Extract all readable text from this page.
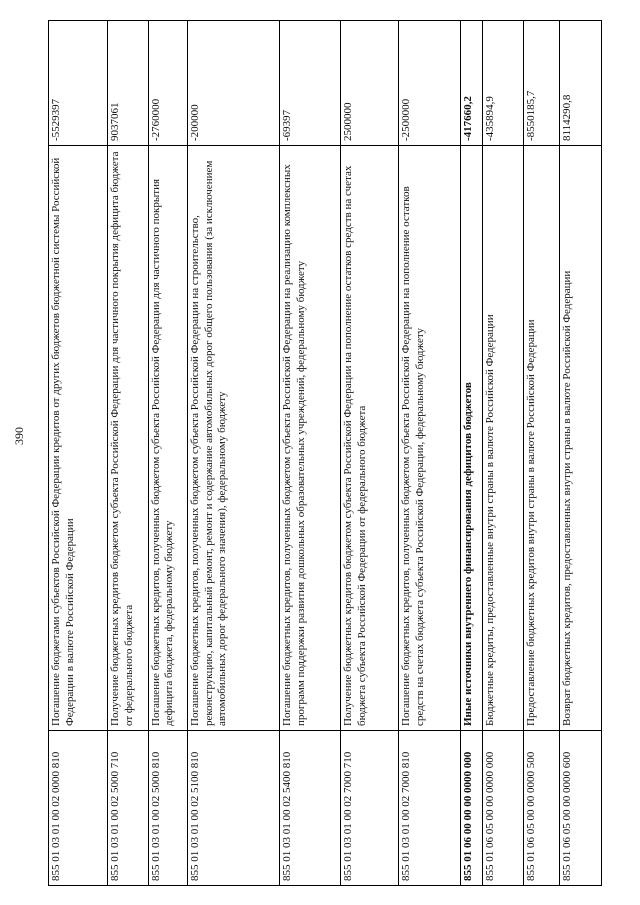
390
855 01 03 01 00 02 0000 810	Погашение бюджетами субъектов Российской Федерации кредитов от других бюджетов бюджетной системы Российской Федерации в валюте Российской Федерации	-5529397
855 01 03 01 00 02 5000 710	Получение бюджетных кредитов бюджетом субъекта Российской Федерации для частичного покрытия дефицита бюджета от федерального бюджета	9037061
855 01 03 01 00 02 5000 810	Погашение бюджетных кредитов, полученных бюджетом субъекта Российской Федерации для частичного покрытия дефицита бюджета, федеральному бюджету	-2760000
855 01 03 01 00 02 5100 810	Погашение бюджетных кредитов, полученных бюджетом субъекта Российской Федерации на строительство, реконструкцию, капитальный ремонт, ремонт и содержание автомобильных дорог общего пользования (за исключением автомобильных дорог федерального значения), федеральному бюджету	-200000
855 01 03 01 00 02 5400 810	Погашение бюджетных кредитов, полученных бюджетом субъекта Российской Федерации на реализацию комплексных программ поддержки развития дошкольных образовательных учреждений, федеральному бюджету	-69397
855 01 03 01 00 02 7000 710	Получение бюджетных кредитов бюджетом субъекта Российской Федерации на пополнение остатков средств на счетах бюджета субъекта Российской Федерации от федерального бюджета	2500000
855 01 03 01 00 02 7000 810	Погашение бюджетных кредитов, полученных бюджетом субъекта Российской Федерации на пополнение остатков средств на счетах бюджета субъекта Российской Федерации, федеральному бюджету	-2500000
855 01 06 00 00 00 0000 000	Иные источники внутреннего финансирования дефицитов бюджетов	-417660,2
855 01 06 05 00 00 0000 000	Бюджетные кредиты, предоставленные внутри страны в валюте Российской Федерации	-435894,9
855 01 06 05 00 00 0000 500	Предоставление бюджетных кредитов внутри страны в валюте Российской Федерации	-8550185,7
855 01 06 05 00 00 0000 600	Возврат бюджетных кредитов, предоставленных внутри страны в валюте Российской Федерации	8114290,8
